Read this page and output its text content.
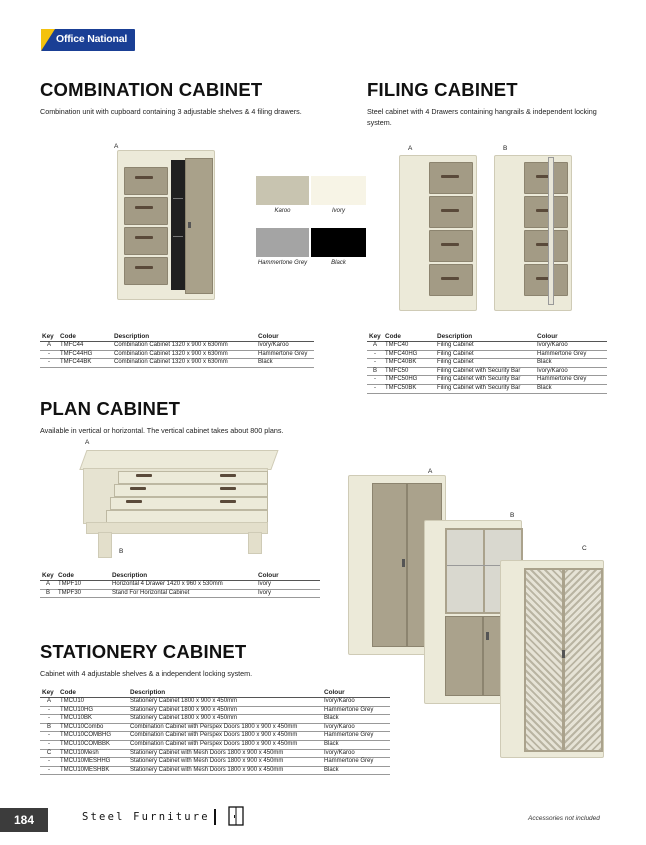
Office National
COMBINATION CABINET

Combination unit with cupboard containing 3 adjustable shelves & 4 filing drawers.

A
Karoo	Ivory
Hammertone Grey	Black
Key	Code	Description	Colour
A	TMFC44	Combination Cabinet 1320 x 900 x 630mm	Ivory/Karoo
-	TMFC44HG	Combination Cabinet 1320 x 900 x 630mm	Hammertone Grey
-	TMFC44BK	Combination Cabinet 1320 x 900 x 630mm	Black
FILING CABINET

Steel cabinet with 4 Drawers containing hangrails & independent locking system.

A	B
Key	Code	Description	Colour
A	TMFC40	Filing Cabinet	Ivory/Karoo
-	TMFC40HG	Filing Cabinet	Hammertone Grey
-	TMFC40BK	Filing Cabinet	Black
B	TMFC50	Filing Cabinet with Security Bar	Ivory/Karoo
-	TMFC50HG	Filing Cabinet with Security Bar	Hammertone Grey
-	TMFC50BK	Filing Cabinet with Security Bar	Black
PLAN CABINET

Available in vertical or horizontal. The vertical cabinet takes about 800 plans.

A
B
Key	Code	Description	Colour
A	TMPF10	Horizontal 4 Drawer 1420 x 960 x 530mm	Ivory
B	TMPF30	Stand For Horizontal Cabinet	Ivory
STATIONERY CABINET

Cabinet with 4 adjustable shelves & a independent locking system.

A
B
C
Key	Code	Description	Colour
A	TMCU10	Stationery Cabinet 1800 x 900 x 450mm	Ivory/Karoo
-	TMCU10HG	Stationery Cabinet 1800 x 900 x 450mm	Hammertone Grey
-	TMCU10BK	Stationery Cabinet 1800 x 900 x 450mm	Black
B	TMCU10Combo	Combination Cabinet with Perspex Doors 1800 x 900 x 450mm	Ivory/Karoo
-	TMCU10COMBHG	Combination Cabinet with Perspex Doors 1800 x 900 x 450mm	Hammertone Grey
-	TMCU10COMBBK	Combination Cabinet with Perspex Doors 1800 x 900 x 450mm	Black
C	TMCU10Mesh	Stationery Cabinet with Mesh Doors 1800 x 900 x 450mm	Ivory/Karoo
-	TMCU10MESHHG	Stationery Cabinet with Mesh Doors 1800 x 900 x 450mm	Hammertone Grey
-	TMCU10MESHBK	Stationery Cabinet with Mesh Doors 1800 x 900 x 450mm	Black
184	Steel Furniture	Accessories not included
